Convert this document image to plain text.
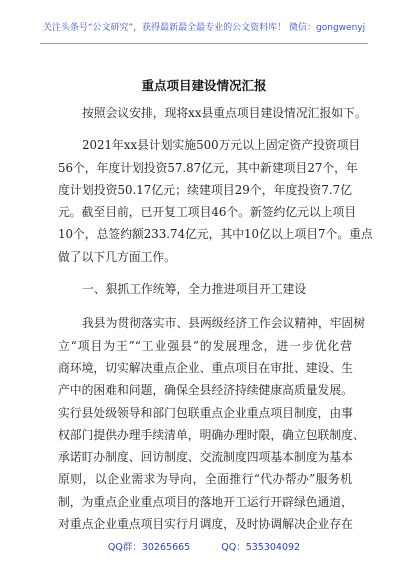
关注头条号“公文研究”，获得最新最全最专业的公文资料库！ 微信：gongwenyj
重点项目建设情况汇报
按照会议安排，现将xx县重点项目建设情况汇报如下。
2021年xx县计划实施500万元以上固定资产投资项目
56个，年度计划投资57.87亿元，其中新建项目27个，年
度计划投资50.17亿元；续建项目29个，年度投资7.7亿
元。截至目前，已开复工项目46个。新签约亿元以上项目
10个，总签约额233.74亿元，其中10亿以上项目7个。重点
做了以下几方面工作。
一、狠抓工作统筹，全力推进项目开工建设
我县为贯彻落实市、县两级经济工作会议精神，牢固树
立“项目为王”“工业强县”的发展理念，进一步优化营
商环境，切实解决重点企业、重点项目在审批、建设、生
产中的困难和问题，确保全县经济持续健康高质量发展。
实行县处级领导和部门包联重点企业重点项目制度，由事
权部门提供办理手续清单，明确办理时限，确立包联制度、
承诺盯办制度、回访制度、交流制度四项基本制度为基本
原则，以企业需求为导向，全面推行“代办帮办”服务机
制，为重点企业重点项目的落地开工运行开辟绿色通道，
对重点企业重点项目实行月调度，及时协调解决企业存在
QQ群：30265665	QQ：535304092
